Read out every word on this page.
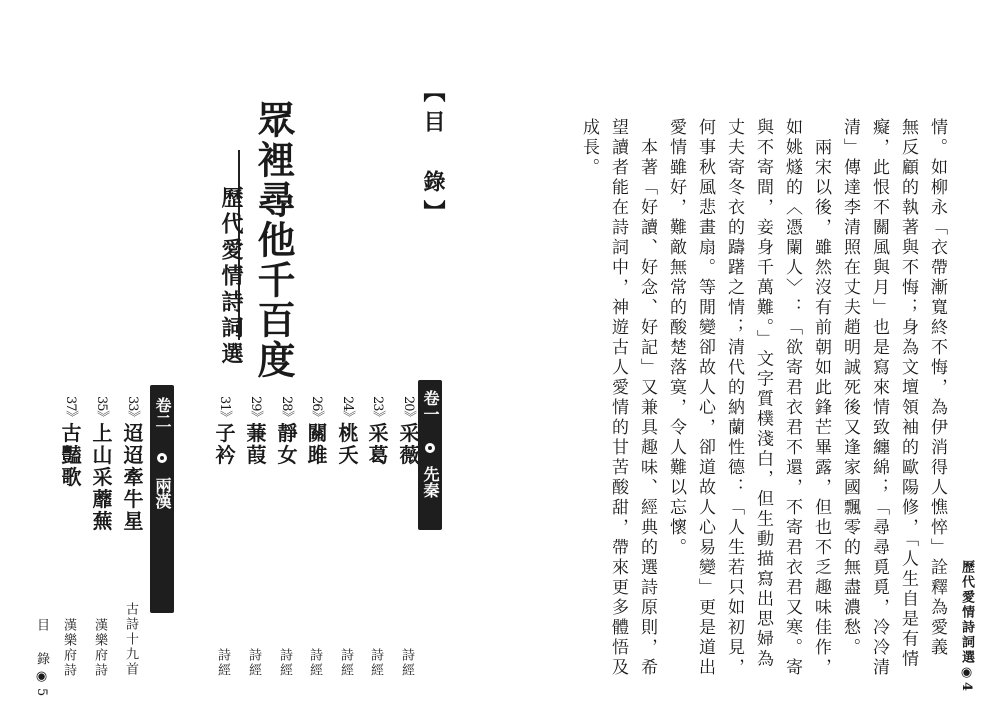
【目　錄】
眾裡尋他千百度
歷代愛情詩詞選
卷一
先秦
卷二
兩漢
20》采薇
詩經
23》采葛
詩經
24》桃夭
詩經
26》關雎
詩經
28》靜女
詩經
29》蒹葭
詩經
31》子衿
詩經
33》迢迢牽牛星
古詩十九首
35》上山采蘼蕪
漢樂府詩
37》古豔歌
漢樂府詩
目　錄◉5	歷代愛情詩詞選◉4
情。如柳永「衣帶漸寬終不悔，為伊消得人憔悴」詮釋為愛義
無反顧的執著與不悔；身為文壇領袖的歐陽修，「人生自是有情
癡，此恨不關風與月」也是寫來情致纏綿；「尋尋覓覓，冷冷清
清」傳達李清照在丈夫趙明誠死後又逢家國飄零的無盡濃愁。
　兩宋以後，雖然沒有前朝如此鋒芒畢露，但也不乏趣味佳作，
如姚燧的〈憑闌人〉：「欲寄君衣君不還，不寄君衣君又寒。寄
與不寄間，妾身千萬難。」文字質樸淺白，但生動描寫出思婦為
丈夫寄冬衣的躊躇之情；清代的納蘭性德：「人生若只如初見，
何事秋風悲畫扇。等閒變卻故人心，卻道故人心易變」更是道出
愛情雖好，難敵無常的酸楚落寞，令人難以忘懷。
　本著「好讀、好念、好記」又兼具趣味、經典的選詩原則，希
望讀者能在詩詞中，神遊古人愛情的甘苦酸甜，帶來更多體悟及
成長。
